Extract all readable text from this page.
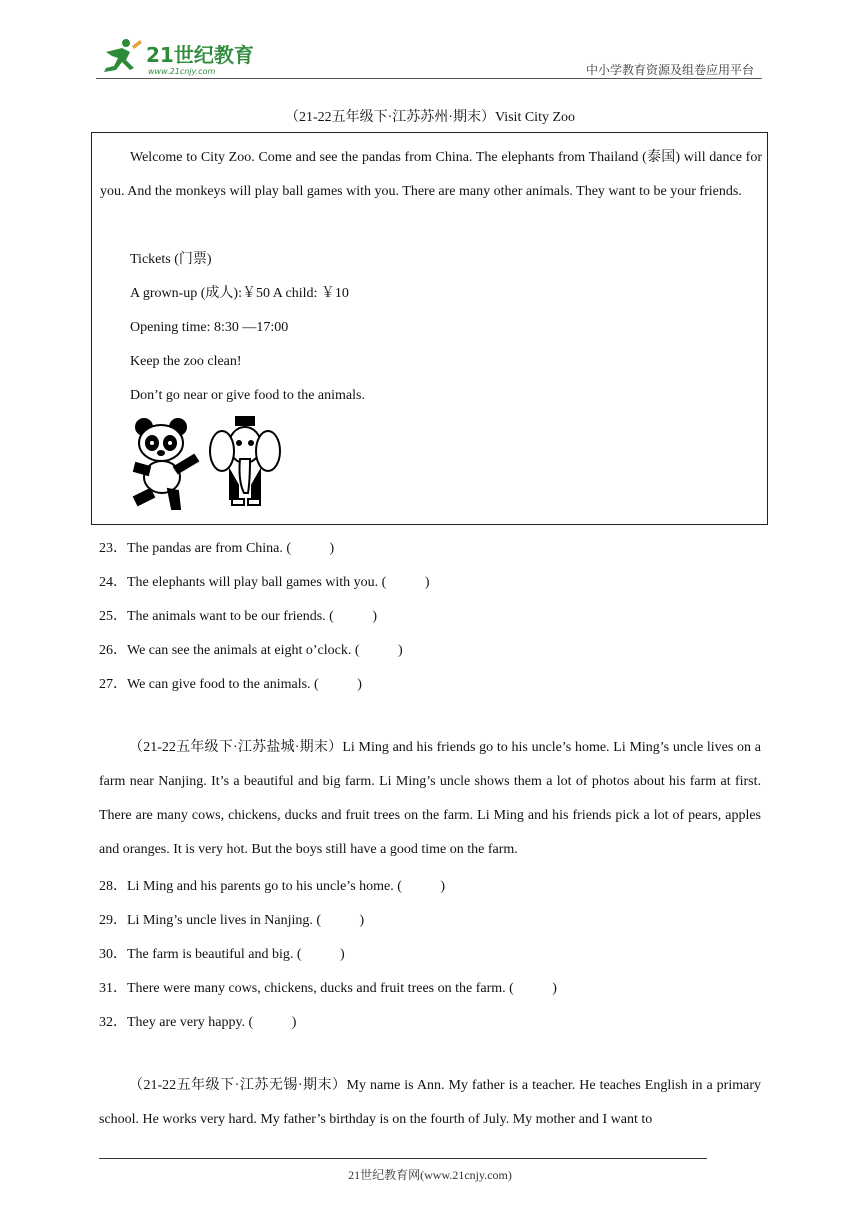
21世纪教育
www.21cnjy.com	中小学教育资源及组卷应用平台
（21-22五年级下·江苏苏州·期末）Visit City Zoo

Welcome to City Zoo. Come and see the pandas from China. The elephants from Thailand (泰国) will dance for you. And the monkeys will play ball games with you. There are many other animals. They want to be your friends.

Tickets (门票)

A grown-up (成人):￥50 A child: ￥10

Opening time: 8:30 —17:00

Keep the zoo clean!

Don’t go near or give food to the animals.

23．The pandas are from China. (           )
24．The elephants will play ball games with you. (           )
25．The animals want to be our friends. (           )
26．We can see the animals at eight o’clock. (           )
27．We can give food to the animals. (           )

（21-22五年级下·江苏盐城·期末）Li Ming and his friends go to his uncle’s home. Li Ming’s uncle lives on a farm near Nanjing. It’s a beautiful and big farm. Li Ming’s uncle shows them a lot of photos about his farm at first. There are many cows, chickens, ducks and fruit trees on the farm. Li Ming and his friends pick a lot of pears, apples and oranges. It is very hot. But the boys still have a good time on the farm.

28．Li Ming and his parents go to his uncle’s home. (           )
29．Li Ming’s uncle lives in Nanjing. (           )
30．The farm is beautiful and big. (           )
31．There were many cows, chickens, ducks and fruit trees on the farm. (           )
32．They are very happy. (           )

（21-22五年级下·江苏无锡·期末）My name is Ann. My father is a teacher. He teaches English in a primary school. He works very hard. My father’s birthday is on the fourth of July. My mother and I want to

21世纪教育网(www.21cnjy.com)
